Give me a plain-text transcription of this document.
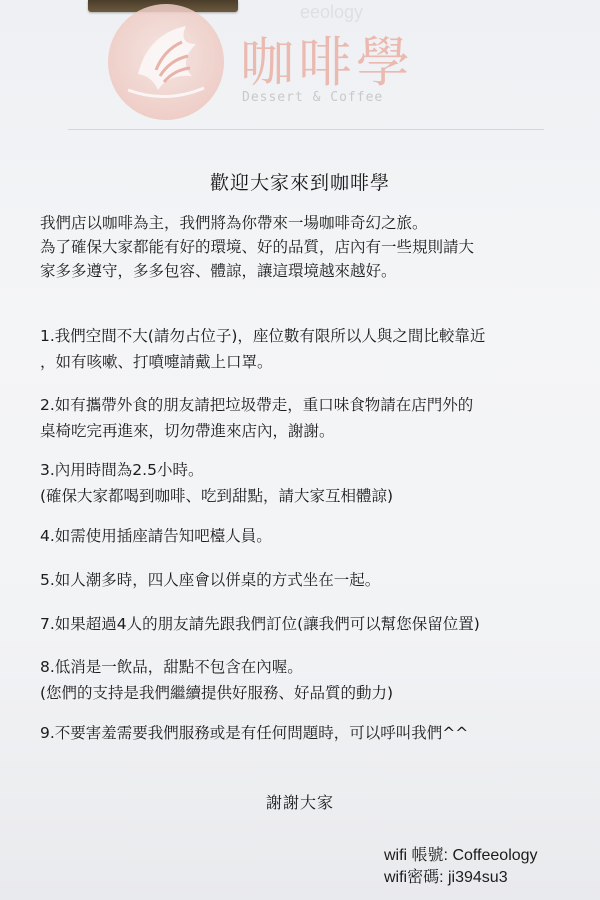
eeology
咖啡學
Dessert & Coffee
歡迎大家來到咖啡學
我們店以咖啡為主，我們將為你帶來一場咖啡奇幻之旅。
為了確保大家都能有好的環境、好的品質，店內有一些規則請大
家多多遵守，多多包容、體諒，讓這環境越來越好。
1.我們空間不大(請勿占位子)，座位數有限所以人與之間比較靠近
，如有咳嗽、打噴嚏請戴上口罩。
2.如有攜帶外食的朋友請把垃圾帶走，重口味食物請在店門外的
桌椅吃完再進來，切勿帶進來店內，謝謝。
3.內用時間為2.5小時。
(確保大家都喝到咖啡、吃到甜點，請大家互相體諒)
4.如需使用插座請告知吧檯人員。
5.如人潮多時，四人座會以併桌的方式坐在一起。
7.如果超過4人的朋友請先跟我們訂位(讓我們可以幫您保留位置)
8.低消是一飲品，甜點不包含在內喔。
(您們的支持是我們繼續提供好服務、好品質的動力)
9.不要害羞需要我們服務或是有任何問題時，可以呼叫我們^^
謝謝大家
wifi 帳號: Coffeeology
wifi密碼: ji394su3
